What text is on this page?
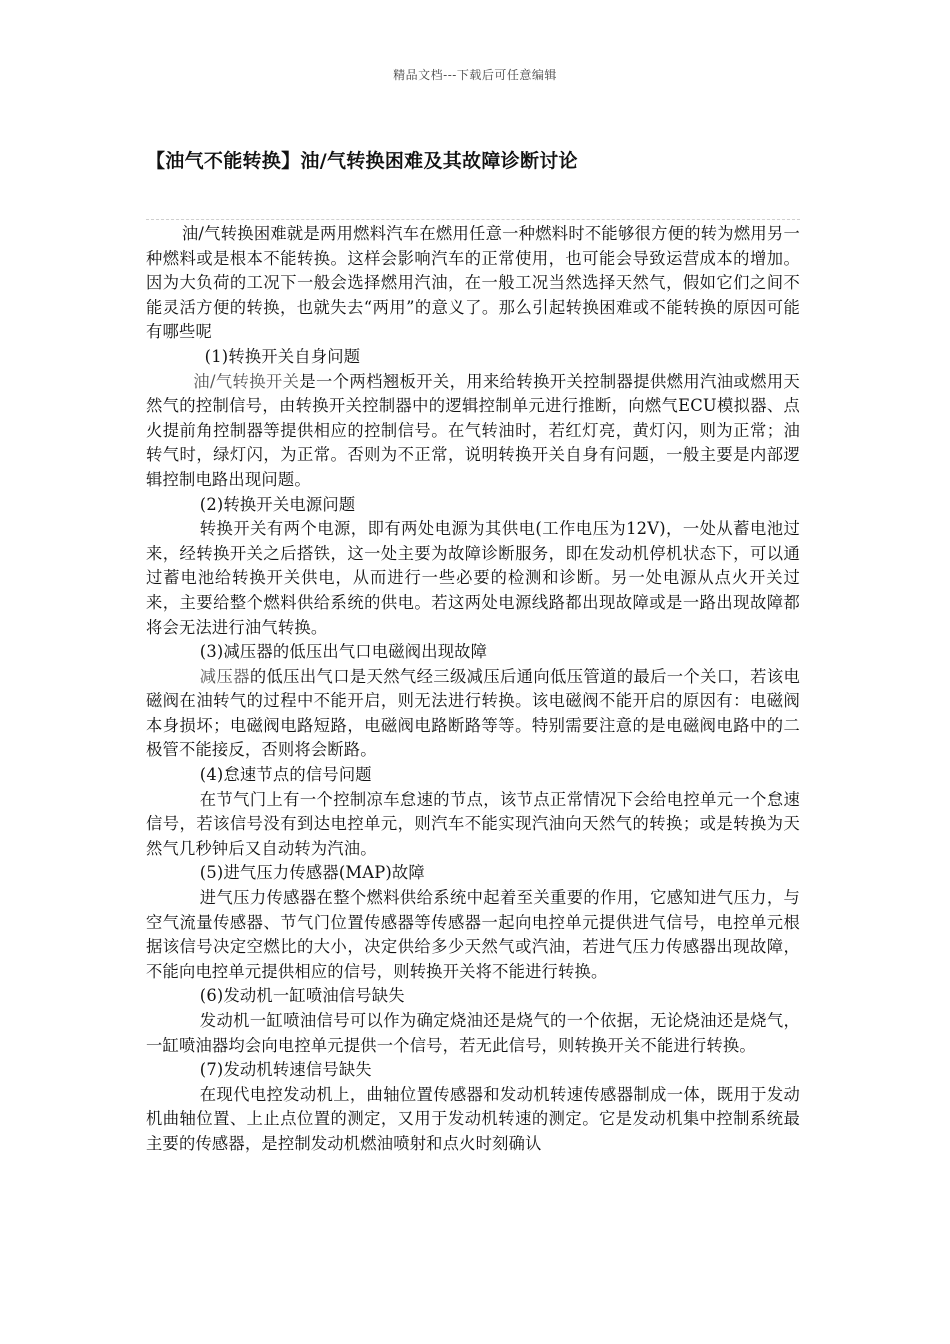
精品文档---下载后可任意编辑
【油气不能转换】油/气转换困难及其故障诊断讨论

油/气转换困难就是两用燃料汽车在燃用任意一种燃料时不能够很方便的转为燃用另一种燃料或是根本不能转换。这样会影响汽车的正常使用，也可能会导致运营成本的增加。因为大负荷的工况下一般会选择燃用汽油，在一般工况当然选择天然气，假如它们之间不能灵活方便的转换，也就失去“两用”的意义了。那么引起转换困难或不能转换的原因可能有哪些呢

(1)转换开关自身问题

油/气转换开关是一个两档翘板开关，用来给转换开关控制器提供燃用汽油或燃用天然气的控制信号，由转换开关控制器中的逻辑控制单元进行推断，向燃气ECU模拟器、点火提前角控制器等提供相应的控制信号。在气转油时，若红灯亮，黄灯闪，则为正常；油转气时，绿灯闪，为正常。否则为不正常，说明转换开关自身有问题，一般主要是内部逻辑控制电路出现问题。

(2)转换开关电源问题

转换开关有两个电源，即有两处电源为其供电(工作电压为12V)，一处从蓄电池过来，经转换开关之后搭铁，这一处主要为故障诊断服务，即在发动机停机状态下，可以通过蓄电池给转换开关供电，从而进行一些必要的检测和诊断。另一处电源从点火开关过来，主要给整个燃料供给系统的供电。若这两处电源线路都出现故障或是一路出现故障都将会无法进行油气转换。

(3)减压器的低压出气口电磁阀出现故障

减压器的低压出气口是天然气经三级减压后通向低压管道的最后一个关口，若该电磁阀在油转气的过程中不能开启，则无法进行转换。该电磁阀不能开启的原因有：电磁阀本身损坏；电磁阀电路短路，电磁阀电路断路等等。特别需要注意的是电磁阀电路中的二极管不能接反，否则将会断路。

(4)怠速节点的信号问题

在节气门上有一个控制凉车怠速的节点，该节点正常情况下会给电控单元一个怠速信号，若该信号没有到达电控单元，则汽车不能实现汽油向天然气的转换；或是转换为天然气几秒钟后又自动转为汽油。

(5)进气压力传感器(MAP)故障

进气压力传感器在整个燃料供给系统中起着至关重要的作用，它感知进气压力，与空气流量传感器、节气门位置传感器等传感器一起向电控单元提供进气信号，电控单元根据该信号决定空燃比的大小，决定供给多少天然气或汽油，若进气压力传感器出现故障，不能向电控单元提供相应的信号，则转换开关将不能进行转换。

(6)发动机一缸喷油信号缺失

发动机一缸喷油信号可以作为确定烧油还是烧气的一个依据，无论烧油还是烧气，一缸喷油器均会向电控单元提供一个信号，若无此信号，则转换开关不能进行转换。

(7)发动机转速信号缺失

在现代电控发动机上，曲轴位置传感器和发动机转速传感器制成一体，既用于发动机曲轴位置、上止点位置的测定，又用于发动机转速的测定。它是发动机集中控制系统最主要的传感器，是控制发动机燃油喷射和点火时刻确认
